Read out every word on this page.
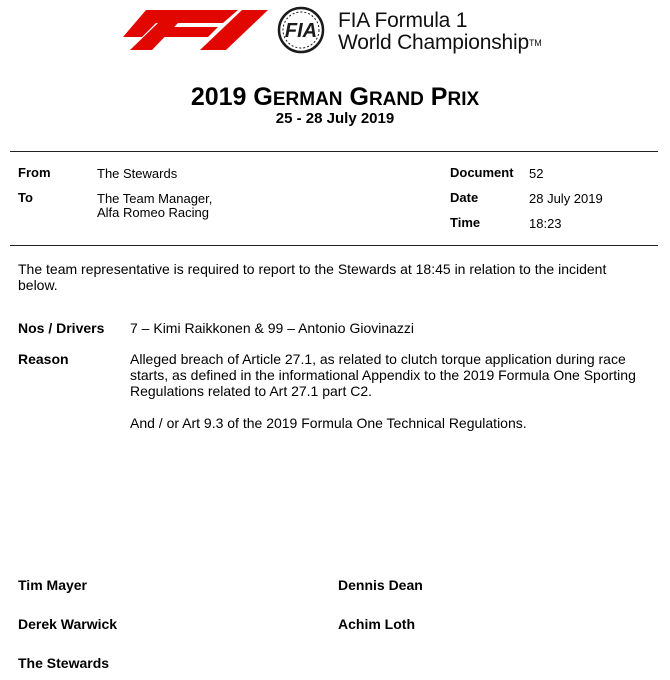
FIA FIA Formula 1
World ChampionshipTM
2019 GERMAN GRAND PRIX
25 - 28 July 2019
From	The Stewards
To	The Team Manager,
Alfa Romeo Racing
Document 52
Date	28 July 2019
Time	18:23
The team representative is required to report to the Stewards at 18:45 in relation to the incident
below.
Nos / Drivers 7 – Kimi Raikkonen & 99 – Antonio Giovinazzi
Reason	Alleged breach of Article 27.1, as related to clutch torque application during race
starts, as defined in the informational Appendix to the 2019 Formula One Sporting
Regulations related to Art 27.1 part C2.
And / or Art 9.3 of the 2019 Formula One Technical Regulations.
Tim Mayer	Dennis Dean
Derek Warwick	Achim Loth
The Stewards
